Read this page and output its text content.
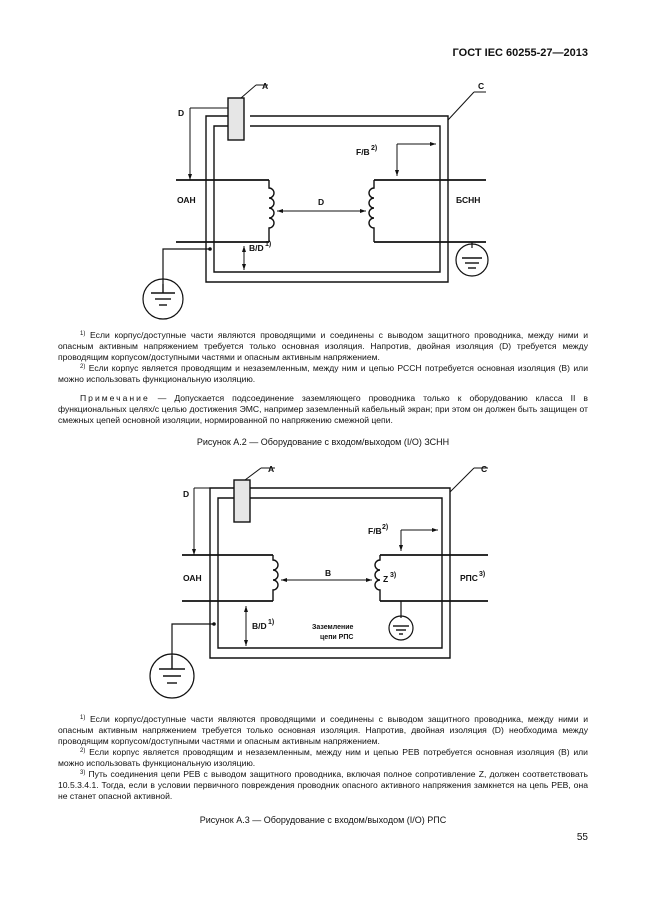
ГОСТ IEC 60255-27—2013
A	C
D
F/B 2)
ОАН	D	БСНН
B/D 1)

$^{1)}$ Если корпус/доступные части являются проводящими и соединены с выводом защитного проводника, между ними и опасным активным напряжением требуется только основная изоляция. Напротив, двойная изоляция (D) требуется между проводящим корпусом/доступными частями и опасным активным напряжением.

$^{2)}$ Если корпус является проводящим и незаземленным, между ним и цепью РССН потребуется основная изоляция (B) или можно использовать функциональную изоляцию.

Примечание — Допускается подсоединение заземляющего проводника только к оборудованию класса II в функциональных целях/с целью достижения ЭМС, например заземленный кабельный экран; при этом он должен быть защищен от смежных цепей основной изоляции, нормированной по напряжению смежной цепи.

Рисунок А.2 — Оборудование с входом/выходом (I/O) ЗСНН
A	C
D
F/B 2)
ОАН	B
Z 3)	РПС 3)
B/D 1)
Заземление
цепи РПС

$^{1)}$ Если корпус/доступные части являются проводящими и соединены с выводом защитного проводника, между ними и опасным активным напряжением требуется только основная изоляция. Напротив, двойная изоляция (D) необходима между проводящим корпусом/доступными частями и опасным активным напряжением.

$^{2)}$ Если корпус является проводящим и незаземленным, между ним и цепью РЕВ потребуется основная изоляция (B) или можно использовать функциональную изоляцию.

$^{3)}$ Путь соединения цепи РЕВ с выводом защитного проводника, включая полное сопротивление Z, должен соответствовать 10.5.3.4.1. Тогда, если в условии первичного повреждения проводник опасного активного напряжения замкнется на цепь РЕВ, она не станет опасной активной.

Рисунок А.3 — Оборудование с входом/выходом (I/O) РПС
55
